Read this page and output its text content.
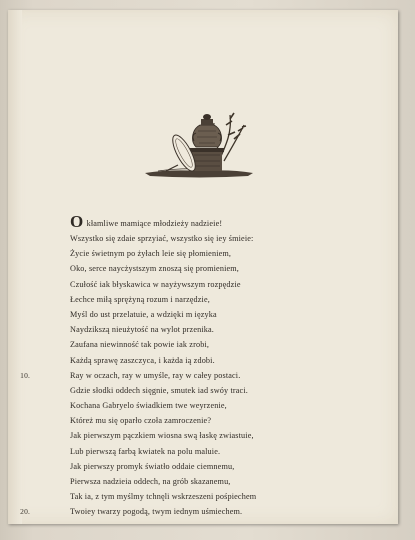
O kłamliwe mamiące młodzieży nadzieie!
Wszystko się zdaie sprzyiać, wszystko się iey śmieie:
Życie świetnym po żyłach leie się płomieniem,
Oko, serce naycżystszym znoszą się promieniem,
Czułość iak błyskawica w nayżywszym rozpędzie
Łechce miłą sprężyną rozum i narzędzie,
Myśl do ust przelatuie, a wdzięki m ięzyka
Naydzikszą nieużytość na wylot przenika.
Zaufana niewinność tak powie iak zrobi,
Każdą sprawę zaszczyca, i każda ią zdobi.
Ray w oczach, ray w umyśle, ray w całey postaci.
10.
Gdzie słodki oddech sięgnie, smutek iad swóy traci.
Kochana Gabryelo świadkiem twe weyrzenie,
Któreż mu się oparło czoła zamroczenie?
Jak pierwszym pączkiem wiosna swą łaskę zwiastuie,
Lub pierwszą farbą kwiatek na polu maluie.
Jak pierwszy promyk światło oddaie ciemnemu,
Pierwsza nadzieia oddech, na grób skazanemu,
Tak ia, z tym myślmy tchnęli wskrzeszeni pośpiechem
Twoiey twarzy pogodą, twym iednym uśmiechem.
20.
